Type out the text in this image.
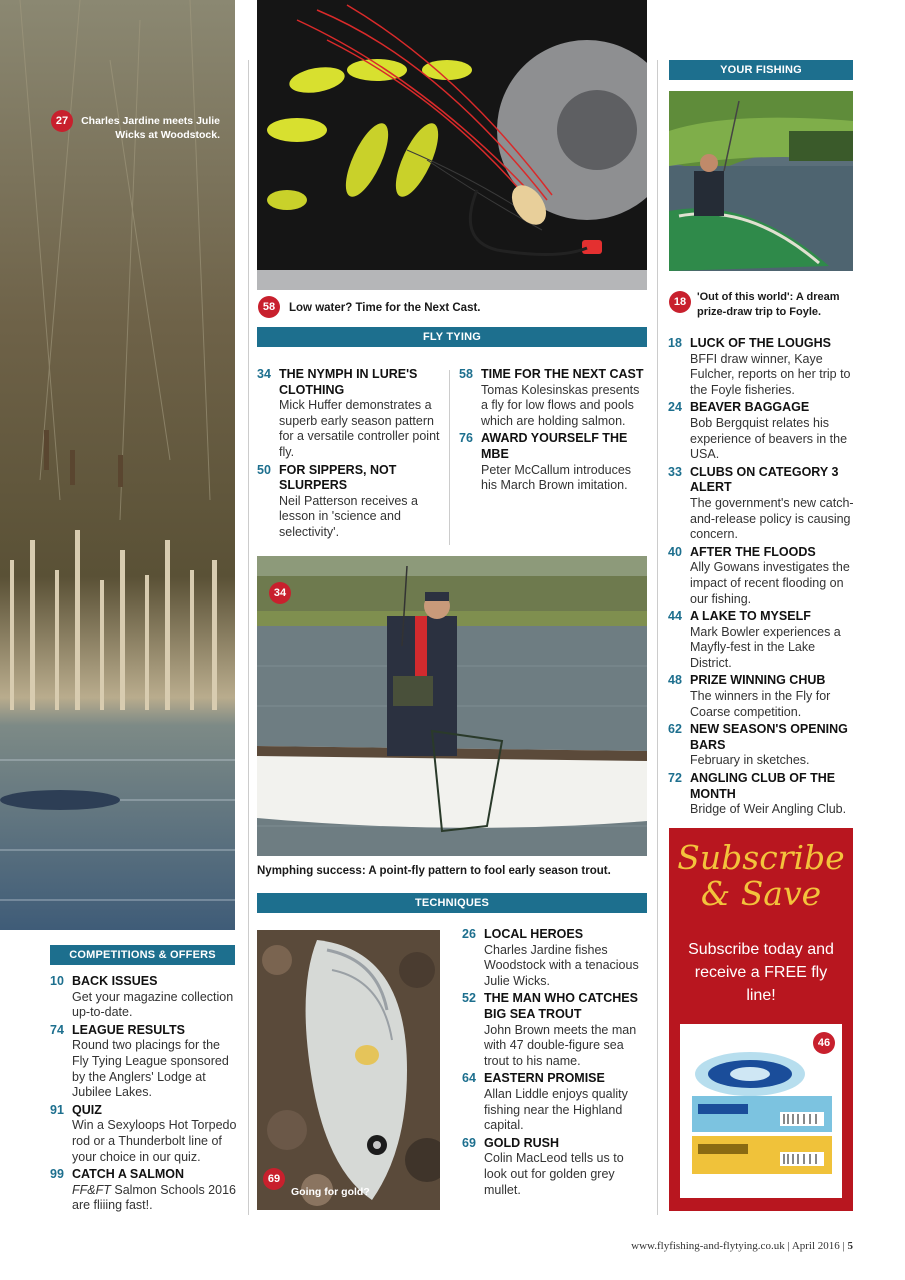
27	Charles Jardine meets Julie Wicks at Woodstock.
58	Low water? Time for the Next Cast.
FLY TYING
34 THE NYMPH IN LURE'S CLOTHING
Mick Huffer demonstrates a superb early season pattern for a versatile controller point fly.
50 FOR SIPPERS, NOT SLURPERS
Neil Patterson receives a lesson in 'science and selectivity'.
58 TIME FOR THE NEXT CAST
Tomas Kolesinskas presents a fly for low flows and pools which are holding salmon.
76 AWARD YOURSELF THE MBE
Peter McCallum introduces his March Brown imitation.
34
Nymphing success: A point-fly pattern to fool early season trout.
TECHNIQUES
69
Going for gold?
26 LOCAL HEROES
Charles Jardine fishes Woodstock with a tenacious Julie Wicks.
52 THE MAN WHO CATCHES BIG SEA TROUT
John Brown meets the man with 47 double-figure sea trout to his name.
64 EASTERN PROMISE
Allan Liddle enjoys quality fishing near the Highland capital.
69 GOLD RUSH
Colin MacLeod tells us to look out for golden grey mullet.
COMPETITIONS & OFFERS
10 BACK ISSUES
Get your magazine collection up-to-date.
74 LEAGUE RESULTS
Round two placings for the Fly Tying League sponsored by the Anglers' Lodge at Jubilee Lakes.
91 QUIZ
Win a Sexyloops Hot Torpedo rod or a Thunderbolt line of your choice in our quiz.
99 CATCH A SALMON
FF&FT Salmon Schools 2016 are fliiing fast!.
YOUR FISHING
18 'Out of this world': A dream prize-draw trip to Foyle.
18 LUCK OF THE LOUGHS
BFFI draw winner, Kaye Fulcher, reports on her trip to the Foyle fisheries.
24 BEAVER BAGGAGE
Bob Bergquist relates his experience of beavers in the USA.
33 CLUBS ON CATEGORY 3 ALERT
The government's new catch-and-release policy is causing concern.
40 AFTER THE FLOODS
Ally Gowans investigates the impact of recent flooding on our fishing.
44 A LAKE TO MYSELF
Mark Bowler experiences a Mayfly-fest in the Lake District.
48 PRIZE WINNING CHUB
The winners in the Fly for Coarse competition.
62 NEW SEASON'S OPENING BARS
February in sketches.
72 ANGLING CLUB OF THE MONTH
Bridge of Weir Angling Club.
Subscribe
& Save
Subscribe today and receive a FREE fly line!
46
www.flyfishing-and-flytying.co.uk | April 2016 | 5
